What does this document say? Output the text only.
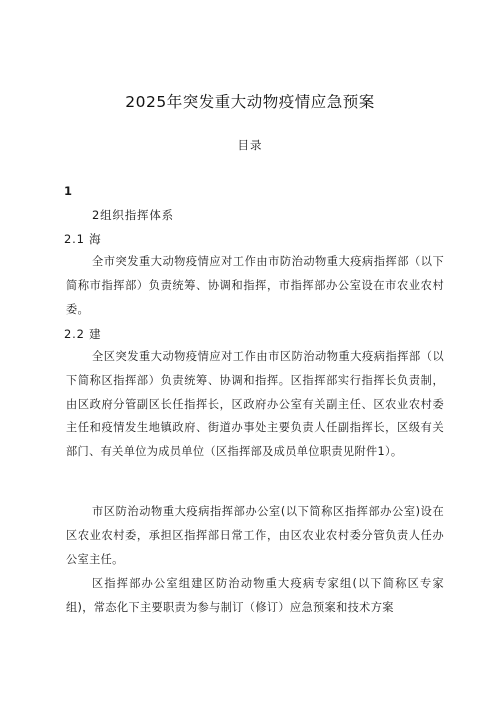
2025年突发重大动物疫情应急预案
目录
1
2组织指挥体系
2.1 海
全市突发重大动物疫情应对工作由市防治动物重大疫病指挥部（以下简称市指挥部）负责统筹、协调和指挥，市指挥部办公室设在市农业农村委。
2.2 建
全区突发重大动物疫情应对工作由市区防治动物重大疫病指挥部（以下简称区指挥部）负责统筹、协调和指挥。区指挥部实行指挥长负责制，由区政府分管副区长任指挥长，区政府办公室有关副主任、区农业农村委主任和疫情发生地镇政府、街道办事处主要负责人任副指挥长，区级有关部门、有关单位为成员单位（区指挥部及成员单位职责见附件1）。
市区防治动物重大疫病指挥部办公室(以下简称区指挥部办公室)设在区农业农村委，承担区指挥部日常工作，由区农业农村委分管负责人任办公室主任。
区指挥部办公室组建区防治动物重大疫病专家组(以下简称区专家组)，常态化下主要职责为参与制订（修订）应急预案和技术方案
